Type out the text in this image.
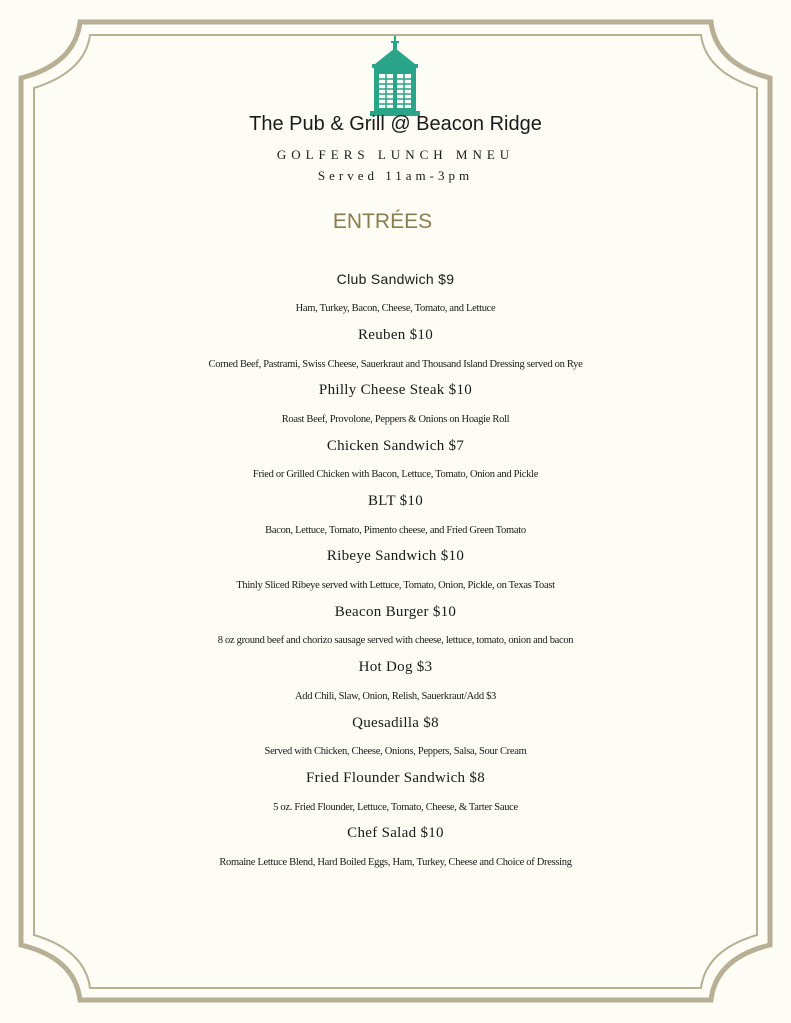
The Pub & Grill @ Beacon Ridge
GOLFERS LUNCH MNEU
Served 11am-3pm
ENTRÉES
Club Sandwich $9
Ham, Turkey, Bacon, Cheese, Tomato, and Lettuce
Reuben $10
Corned Beef, Pastrami, Swiss Cheese, Sauerkraut and Thousand Island Dressing served on Rye
Philly Cheese Steak $10
Roast Beef, Provolone, Peppers & Onions on Hoagie Roll
Chicken Sandwich $7
Fried or Grilled Chicken with Bacon, Lettuce, Tomato, Onion and Pickle
BLT $10
Bacon, Lettuce, Tomato, Pimento cheese, and Fried Green Tomato
Ribeye Sandwich $10
Thinly Sliced Ribeye served with Lettuce, Tomato, Onion, Pickle, on Texas Toast
Beacon Burger $10
8 oz ground beef and chorizo sausage served with cheese, lettuce, tomato, onion and bacon
Hot Dog $3
Add Chili, Slaw, Onion, Relish, Sauerkraut/Add $3
Quesadilla $8
Served with Chicken, Cheese, Onions, Peppers, Salsa, Sour Cream
Fried Flounder Sandwich $8
5 oz. Fried Flounder, Lettuce, Tomato, Cheese, & Tarter Sauce
Chef Salad $10
Romaine Lettuce Blend, Hard Boiled Eggs, Ham, Turkey, Cheese and Choice of Dressing
